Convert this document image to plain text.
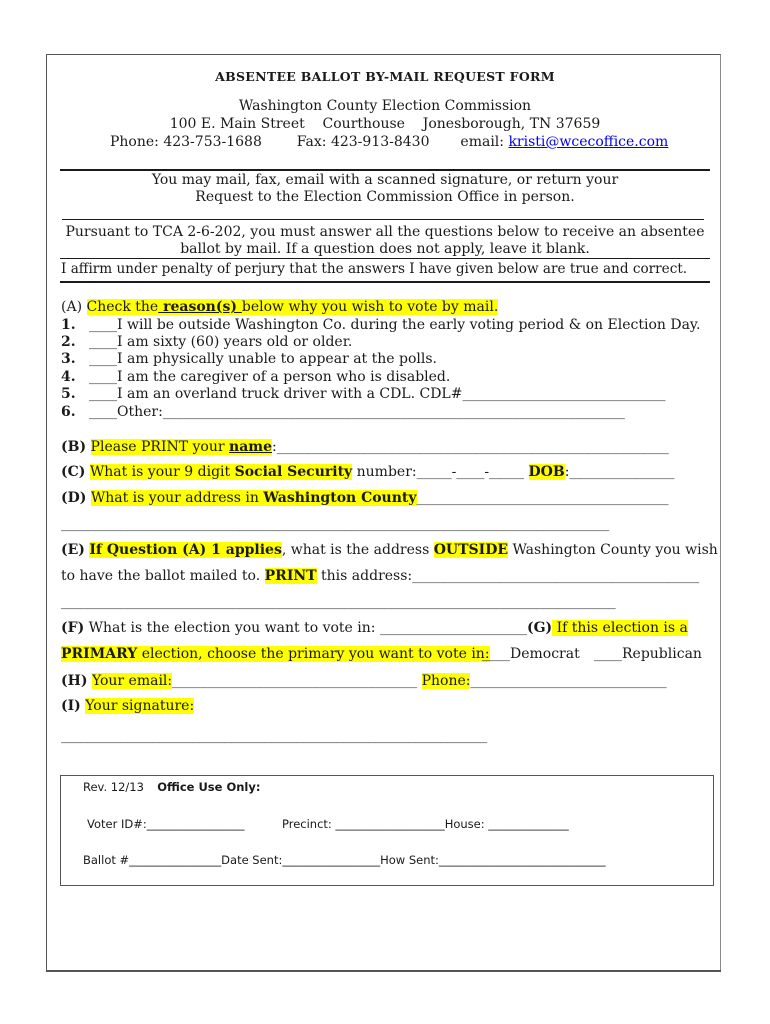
ABSENTEE BALLOT BY-MAIL REQUEST FORM
Washington County Election Commission
100 E. Main Street    Courthouse    Jonesborough, TN 37659
Phone: 423-753-1688 Fax: 423-913-8430 email: kristi@wcecoffice.com
You may mail, fax, email with a scanned signature, or return your
Request to the Election Commission Office in person.
Pursuant to TCA 2-6-202, you must answer all the questions below to receive an absentee
ballot by mail. If a question does not apply, leave it blank.
I affirm under penalty of perjury that the answers I have given below are true and correct.
(A) Check the reason(s) below why you wish to vote by mail.
1. ____I will be outside Washington Co. during the early voting period & on Election Day.
2. ____I am sixty (60) years old or older.
3. ____I am physically unable to appear at the polls.
4. ____I am the caregiver of a person who is disabled.
5. ____I am an overland truck driver with a CDL. CDL#_____________________________
6. ____Other:__________________________________________________________________
(B) Please PRINT your name:________________________________________________________
(C) What is your 9 digit Social Security number:_____-____-_____ DOB:_______________
(D) What is your address in Washington County____________________________________
___________________________________________________________________________________
(E) If Question (A) 1 applies, what is the address OUTSIDE Washington County you wish
to have the ballot mailed to. PRINT this address:_________________________________________
____________________________________________________________________________________
(F) What is the election you want to vote in: _____________________(G) If this election is a
PRIMARY election, choose the primary you want to vote in:
____Democrat ____Republican
(H) Your email:___________________________________ Phone:____________________________
(I) Your signature:
_________________________________________________________________
Rev. 12/13 Office Use Only:
Voter ID#:_________________	Precinct: ___________________House: ______________
Ballot #________________Date Sent:_________________How Sent:_____________________________
